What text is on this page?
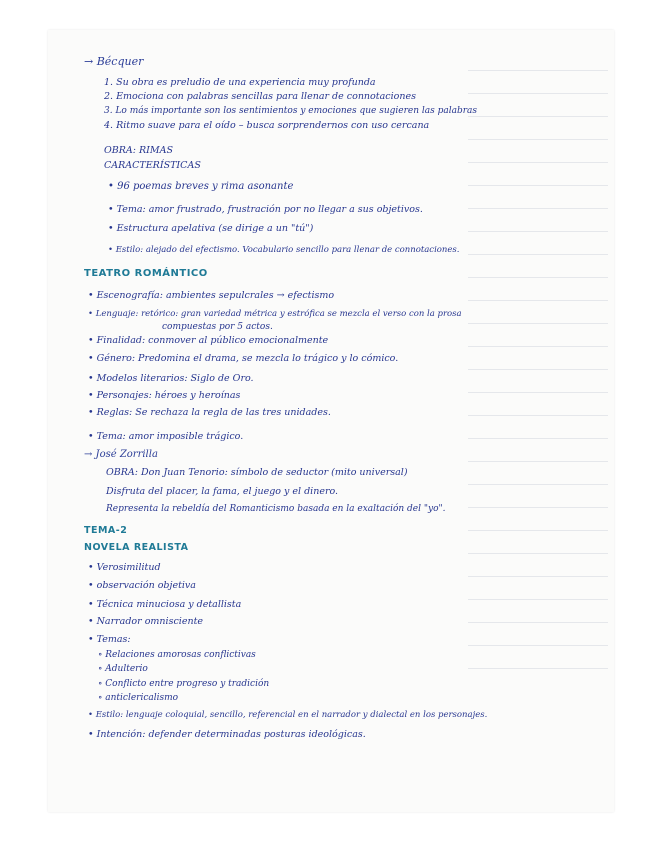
→ Bécquer
1. Su obra es preludio de una experiencia muy profunda
2. Emociona con palabras sencillas para llenar de connotaciones
3. Lo más importante son los sentimientos y emociones que sugieren las palabras
4. Ritmo suave para el oído – busca sorprendernos con uso cercana
OBRA: RIMAS
CARACTERÍSTICAS
• 96 poemas breves y rima asonante
• Tema: amor frustrado, frustración por no llegar a sus objetivos.
• Estructura apelativa (se dirige a un "tú")
• Estilo: alejado del efectismo. Vocabulario sencillo para llenar de connotaciones.
TEATRO ROMÁNTICO
• Escenografía: ambientes sepulcrales → efectismo
• Lenguaje: retórico: gran variedad métrica y estrófica se mezcla el verso con la prosa
compuestas por 5 actos.
• Finalidad: conmover al público emocionalmente
• Género: Predomina el drama, se mezcla lo trágico y lo cómico.
• Modelos literarios: Siglo de Oro.
• Personajes: héroes y heroínas
• Reglas: Se rechaza la regla de las tres unidades.
• Tema: amor imposible trágico.
→ José Zorrilla
OBRA: Don Juan Tenorio: símbolo de seductor (mito universal)
Disfruta del placer, la fama, el juego y el dinero.
Representa la rebeldía del Romanticismo basada en la exaltación del "yo".
TEMA-2
NOVELA REALISTA
• Verosimilitud
• observación objetiva
• Técnica minuciosa y detallista
• Narrador omnisciente
• Temas:
∘ Relaciones amorosas conflictivas
∘ Adulterio
∘ Conflicto entre progreso y tradición
∘ anticlericalismo
• Estilo: lenguaje coloquial, sencillo, referencial en el narrador y dialectal en los personajes.
• Intención: defender determinadas posturas ideológicas.
